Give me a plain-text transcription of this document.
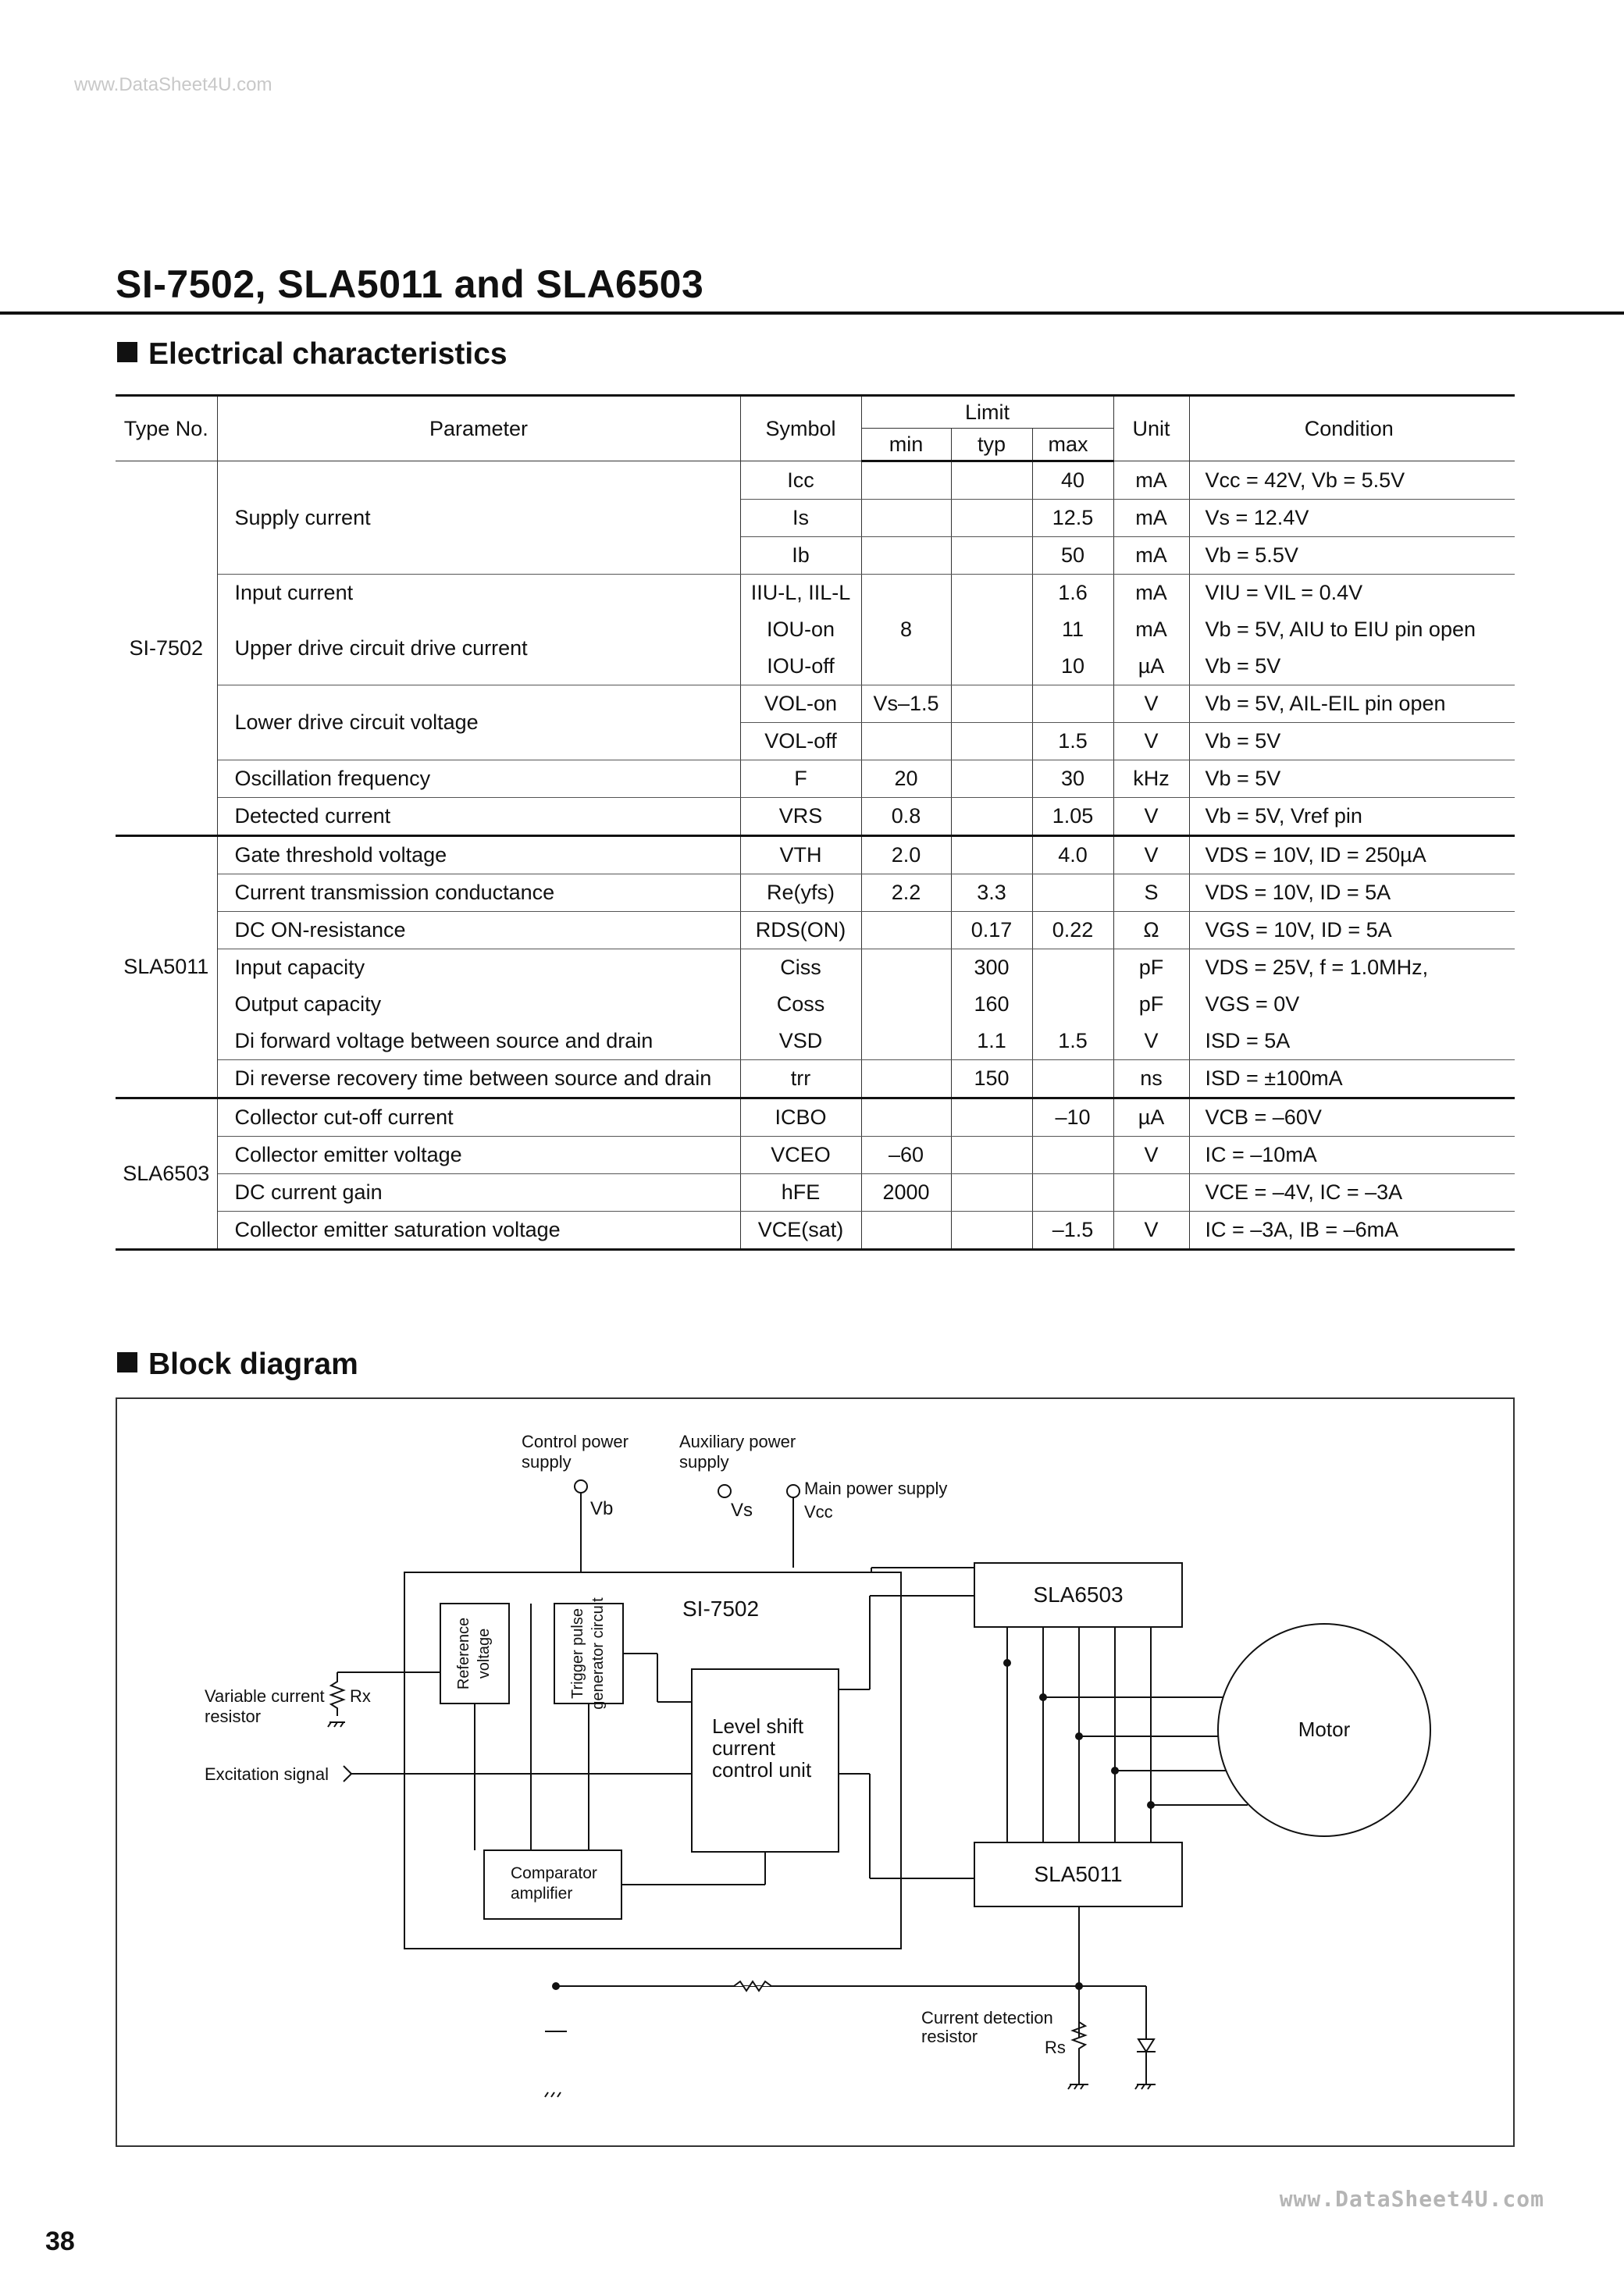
www.DataSheet4U.com
SI-7502, SLA5011 and SLA6503
Electrical characteristics
Type No.	Parameter	Symbol	Limit			Unit	Condition
			min	typ	max		
SI-7502	Supply current	Icc			40	mA	Vcc = 42V, Vb = 5.5V
		Is			12.5	mA	Vs = 12.4V
		Ib			50	mA	Vb = 5.5V
	Input current	IIU-L, IIL-L			1.6	mA	VIU = VIL = 0.4V
	Upper drive circuit drive current	IOU-on	8		11	mA	Vb = 5V, AIU to EIU pin open
		IOU-off			10	µA	Vb = 5V
	Lower drive circuit voltage	VOL-on	Vs–1.5			V	Vb = 5V, AIL-EIL pin open
		VOL-off			1.5	V	Vb = 5V
	Oscillation frequency	F	20		30	kHz	Vb = 5V
	Detected current	VRS	0.8		1.05	V	Vb = 5V, Vref pin
SLA5011	Gate threshold voltage	VTH	2.0		4.0	V	VDS = 10V, ID = 250µA
	Current transmission conductance	Re(yfs)	2.2	3.3		S	VDS = 10V, ID = 5A
	DC ON-resistance	RDS(ON)		0.17	0.22	Ω	VGS = 10V, ID = 5A
	Input capacity	Ciss		300		pF	VDS = 25V, f = 1.0MHz,
	Output capacity	Coss		160		pF	VGS = 0V
	Di forward voltage between source and drain	VSD		1.1	1.5	V	ISD = 5A
	Di reverse recovery time between source and drain	trr		150		ns	ISD = ±100mA
SLA6503	Collector cut-off current	ICBO			–10	µA	VCB = –60V
	Collector emitter voltage	VCEO	–60			V	IC = –10mA
	DC current gain	hFE	2000				VCE = –4V, IC = –3A
	Collector emitter saturation voltage	VCE(sat)			–1.5	V	IC = –3A, IB = –6mA
Block diagram
Control power
supply
Vb
Auxiliary power
supply
Vs
Main power supply
Vcc
SI-7502
Reference voltage	Trigger pulse generator circuit
Level shift
current
control unit
Comparator
amplifier
SLA6503
SLA5011
Motor
Excitation signal
Variable current
resistor
Rx
Current detection
resistor
Rs
38
www.DataSheet4U.com
